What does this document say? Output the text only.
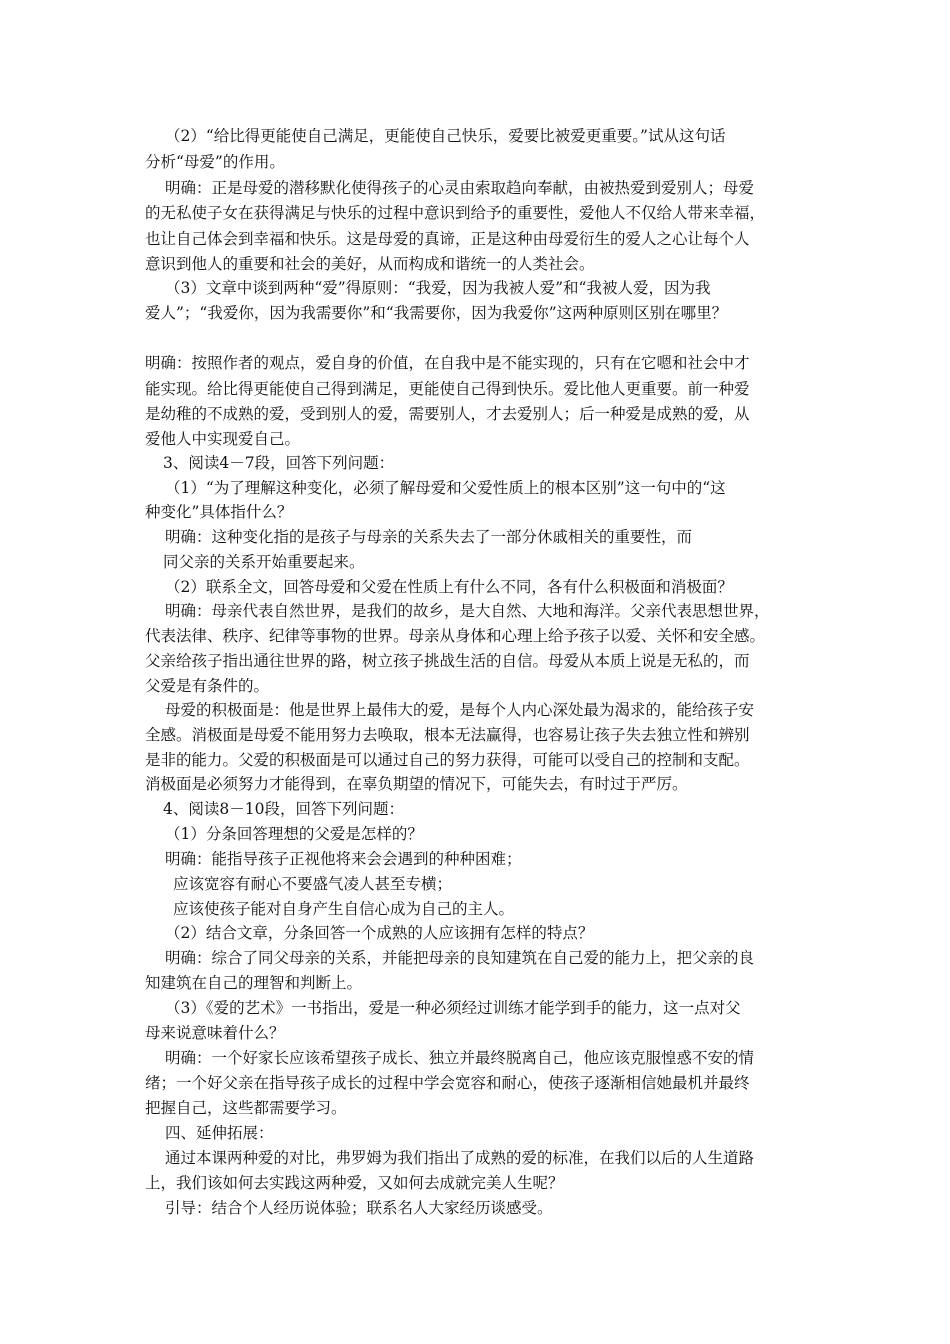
（2）“给比得更能使自己满足，更能使自己快乐，爱要比被爱更重要。”试从这句话
分析“母爱”的作用。
明确：正是母爱的潜移默化使得孩子的心灵由索取趋向奉献，由被热爱到爱别人；母爱
的无私使子女在获得满足与快乐的过程中意识到给予的重要性，爱他人不仅给人带来幸福，
也让自己体会到幸福和快乐。这是母爱的真谛，正是这种由母爱衍生的爱人之心让每个人
意识到他人的重要和社会的美好，从而构成和谐统一的人类社会。
（3）文章中谈到两种“爱”得原则：“我爱，因为我被人爱”和“我被人爱，因为我
爱人”；“我爱你，因为我需要你”和“我需要你，因为我爱你”这两种原则区别在哪里？
明确：按照作者的观点，爱自身的价值，在自我中是不能实现的，只有在它嗯和社会中才
能实现。给比得更能使自己得到满足，更能使自己得到快乐。爱比他人更重要。前一种爱
是幼稚的不成熟的爱，受到别人的爱，需要别人，才去爱别人；后一种爱是成熟的爱，从
爱他人中实现爱自己。
3、阅读4－7段，回答下列问题：
（1）“为了理解这种变化，必须了解母爱和父爱性质上的根本区别”这一句中的“这
种变化”具体指什么？
明确：这种变化指的是孩子与母亲的关系失去了一部分休戚相关的重要性，而
同父亲的关系开始重要起来。
（2）联系全文，回答母爱和父爱在性质上有什么不同，各有什么积极面和消极面？
明确：母亲代表自然世界，是我们的故乡，是大自然、大地和海洋。父亲代表思想世界，
代表法律、秩序、纪律等事物的世界。母亲从身体和心理上给予孩子以爱、关怀和安全感。
父亲给孩子指出通往世界的路，树立孩子挑战生活的自信。母爱从本质上说是无私的，而
父爱是有条件的。
母爱的积极面是：他是世界上最伟大的爱，是每个人内心深处最为渴求的，能给孩子安
全感。消极面是母爱不能用努力去唤取，根本无法赢得，也容易让孩子失去独立性和辨别
是非的能力。父爱的积极面是可以通过自己的努力获得，可能可以受自己的控制和支配。
消极面是必须努力才能得到，在辜负期望的情况下，可能失去，有时过于严厉。
4、阅读8－10段，回答下列问题：
（1）分条回答理想的父爱是怎样的？
明确：能指导孩子正视他将来会会遇到的种种困难；
应该宽容有耐心不要盛气凌人甚至专横；
应该使孩子能对自身产生自信心成为自己的主人。
（2）结合文章，分条回答一个成熟的人应该拥有怎样的特点？
明确：综合了同父母亲的关系，并能把母亲的良知建筑在自己爱的能力上，把父亲的良
知建筑在自己的理智和判断上。
（3）《爱的艺术》一书指出，爱是一种必须经过训练才能学到手的能力，这一点对父
母来说意味着什么？
明确：一个好家长应该希望孩子成长、独立并最终脱离自己，他应该克服惶惑不安的情
绪；一个好父亲在指导孩子成长的过程中学会宽容和耐心，使孩子逐渐相信她最机并最终
把握自己，这些都需要学习。
四、延伸拓展：
通过本课两种爱的对比，弗罗姆为我们指出了成熟的爱的标准，在我们以后的人生道路
上，我们该如何去实践这两种爱，又如何去成就完美人生呢？
引导：结合个人经历说体验；联系名人大家经历谈感受。
